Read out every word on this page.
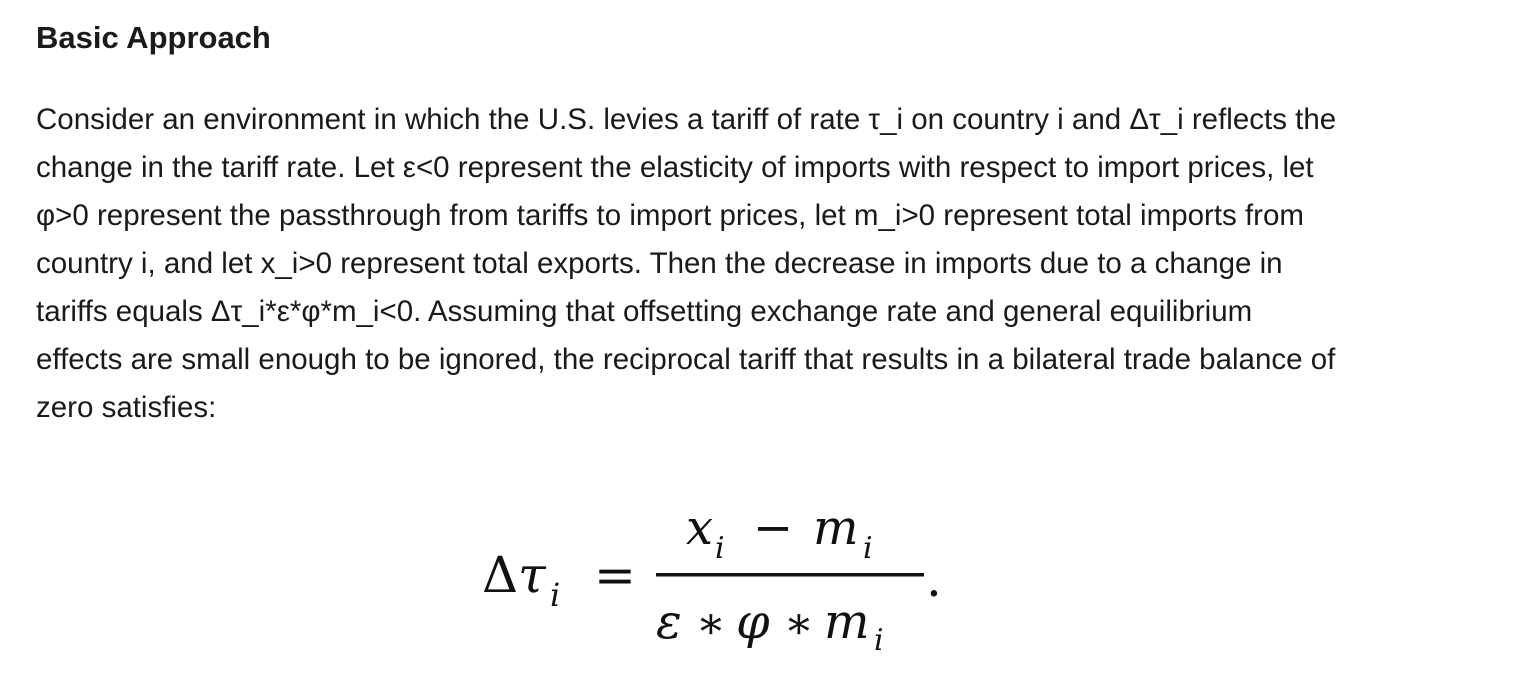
Basic Approach

Consider an environment in which the U.S. levies a tariff of rate τ_i on country i and Δτ_i reflects the
change in the tariff rate. Let ε<0 represent the elasticity of imports with respect to import prices, let
φ>0 represent the passthrough from tariffs to import prices, let m_i>0 represent total imports from
country i, and let x_i>0 represent total exports. Then the decrease in imports due to a change in
tariffs equals Δτ_i*ε*φ*m_i<0. Assuming that offsetting exchange rate and general equilibrium
effects are small enough to be ignored, the reciprocal tariff that results in a bilateral trade balance of
zero satisfies:

Δ τ i =
x i − m i
ε ∗ φ ∗ m i
.
